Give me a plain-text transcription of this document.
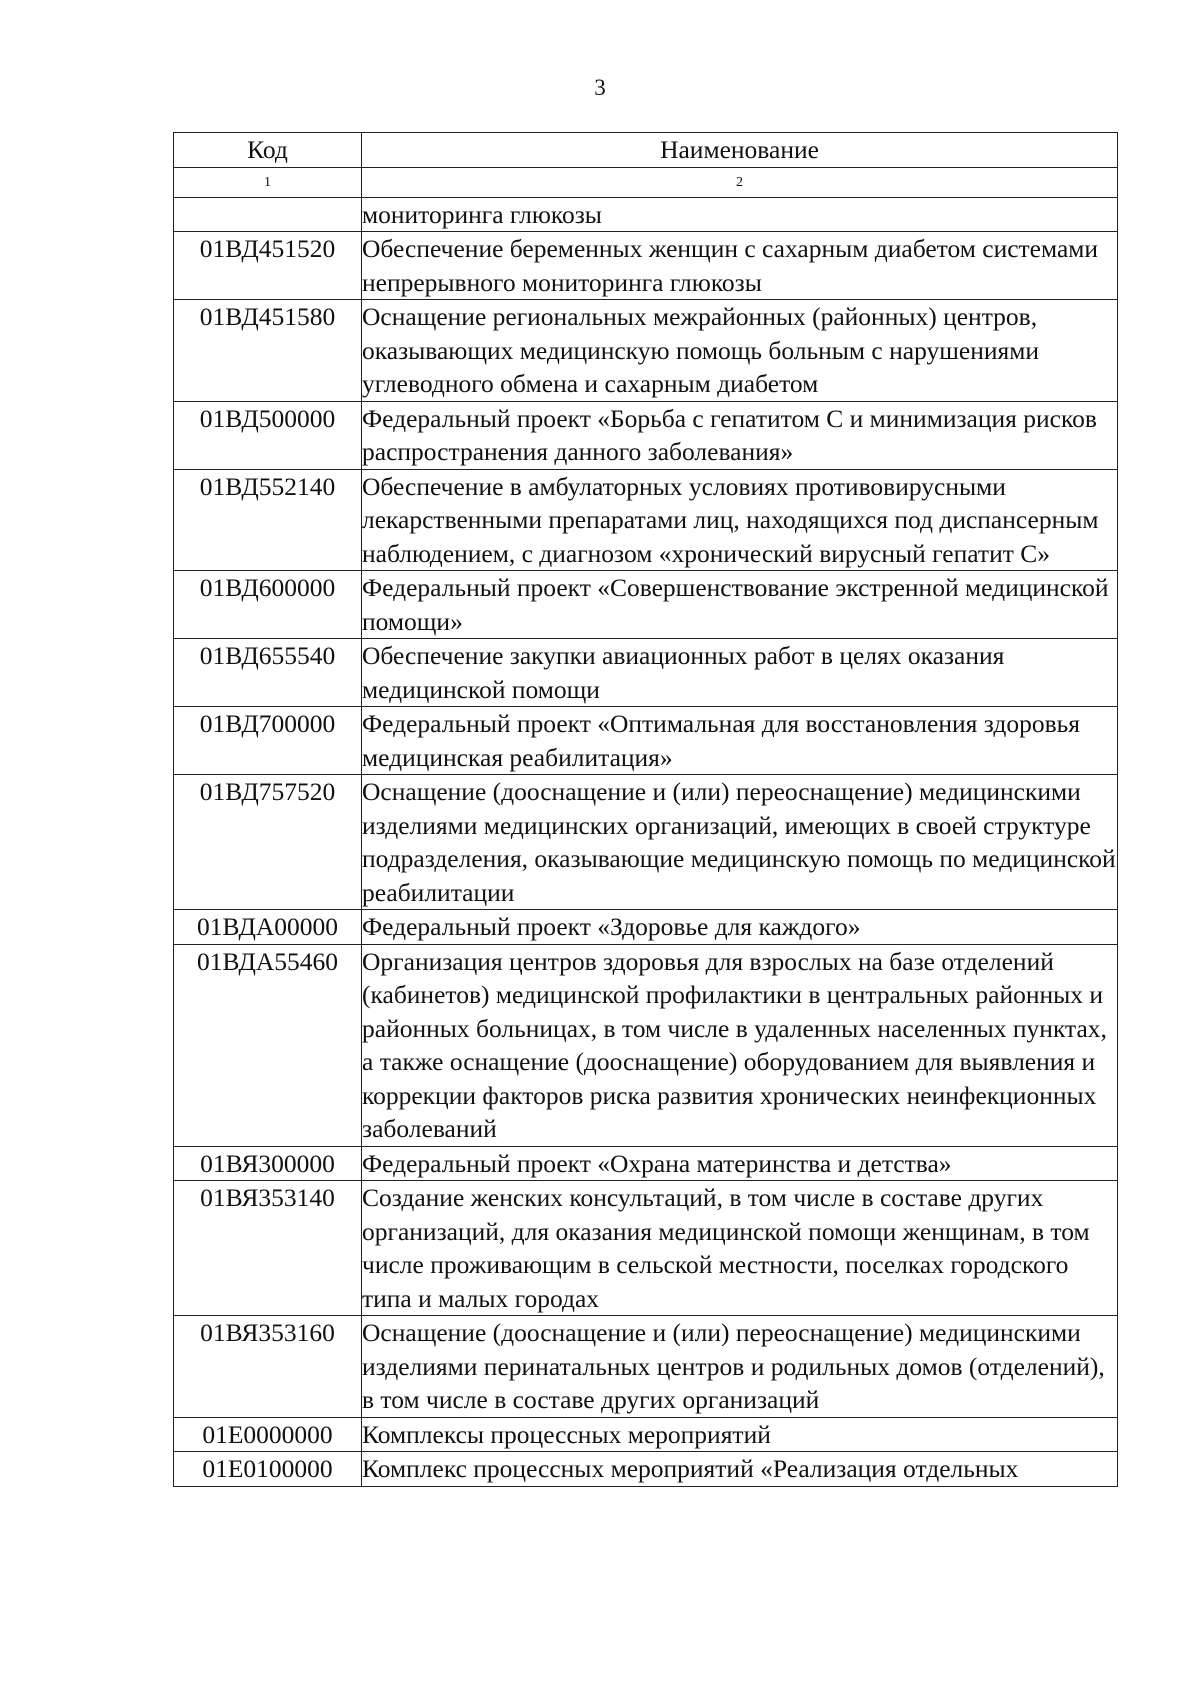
3
Код	Наименование
1	2
	мониторинга глюкозы
01ВД451520	Обеспечение беременных женщин с сахарным диабетом системами непрерывного мониторинга глюкозы
01ВД451580	Оснащение региональных межрайонных (районных) центров, оказывающих медицинскую помощь больным с нарушениями углеводного обмена и сахарным диабетом
01ВД500000	Федеральный проект «Борьба с гепатитом С и минимизация рисков распространения данного заболевания»
01ВД552140	Обеспечение в амбулаторных условиях противовирусными лекарственными препаратами лиц, находящихся под диспансерным наблюдением, с диагнозом «хронический вирусный гепатит С»
01ВД600000	Федеральный проект «Совершенствование экстренной медицинской помощи»
01ВД655540	Обеспечение закупки авиационных работ в целях оказания медицинской помощи
01ВД700000	Федеральный проект «Оптимальная для восстановления здоровья медицинская реабилитация»
01ВД757520	Оснащение (дооснащение и (или) переоснащение) медицинскими изделиями медицинских организаций, имеющих в своей структуре подразделения, оказывающие медицинскую помощь по медицинской реабилитации
01ВДА00000	Федеральный проект «Здоровье для каждого»
01ВДА55460	Организация центров здоровья для взрослых на базе отделений (кабинетов) медицинской профилактики в центральных районных и районных больницах, в том числе в удаленных населенных пунктах, а также оснащение (дооснащение) оборудованием для выявления и коррекции факторов риска развития хронических неинфекционных заболеваний
01ВЯ300000	Федеральный проект «Охрана материнства и детства»
01ВЯ353140	Создание женских консультаций, в том числе в составе других организаций, для оказания медицинской помощи женщинам, в том числе проживающим в сельской местности, поселках городского типа и малых городах
01ВЯ353160	Оснащение (дооснащение и (или) переоснащение) медицинскими изделиями перинатальных центров и родильных домов (отделений), в том числе в составе других организаций
01Е0000000	Комплексы процессных мероприятий
01Е0100000	Комплекс процессных мероприятий «Реализация отдельных
